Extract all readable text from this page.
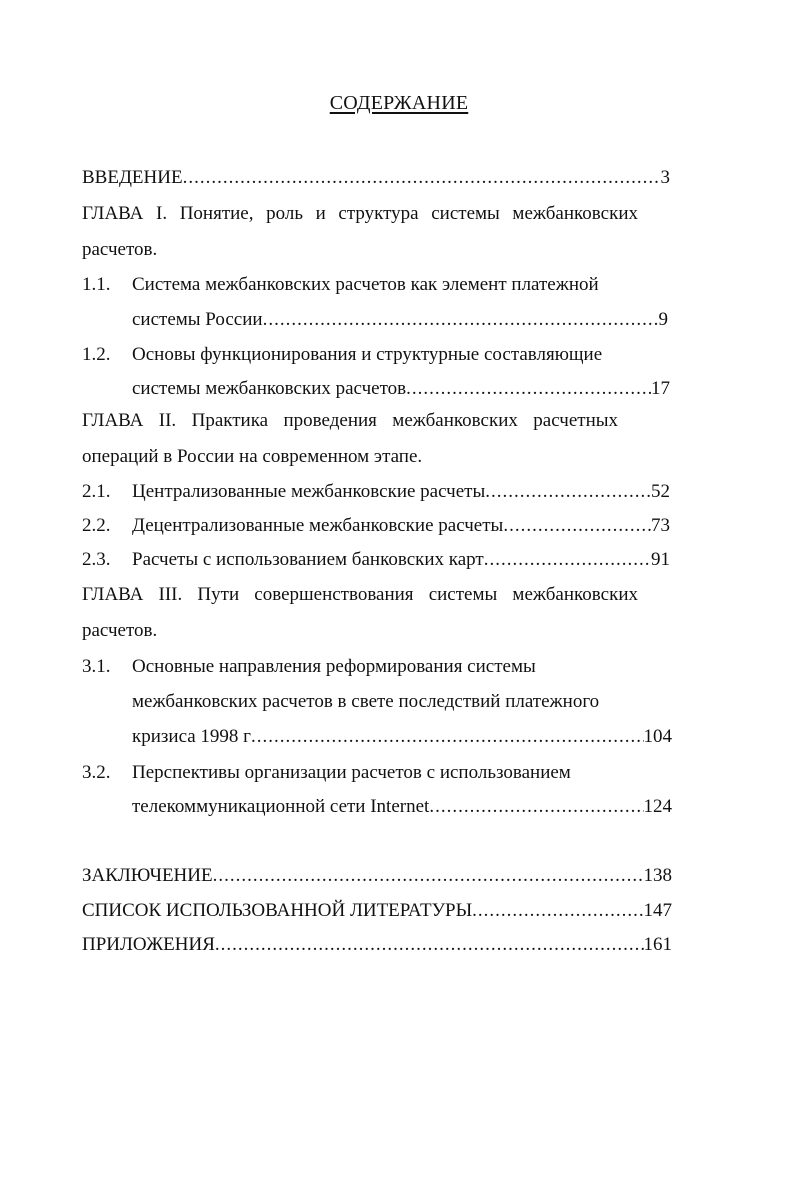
СОДЕРЖАНИЕ
ВВЕДЕНИЕ .....	3
ГЛАВА I. Понятие, роль и структура системы межбанковских
расчетов.
1.1. Система межбанковских расчетов как элемент платежной
системы России .....	9
1.2. Основы функционирования и структурные составляющие
системы межбанковских расчетов .....	17
ГЛАВА II. Практика проведения межбанковских расчетных
операций в России на современном этапе.
2.1. Централизованные межбанковские расчеты .....	52
2.2. Децентрализованные межбанковские расчеты .....	73
2.3. Расчеты с использованием банковских карт .....	91
ГЛАВА III. Пути совершенствования системы межбанковских
расчетов.
3.1. Основные направления реформирования системы
межбанковских расчетов в свете последствий платежного
кризиса 1998 г .....	104
3.2. Перспективы организации расчетов с использованием
телекоммуникационной сети Internet .....	124
ЗАКЛЮЧЕНИЕ .....	138
СПИСОК ИСПОЛЬЗОВАННОЙ ЛИТЕРАТУРЫ .....	147
ПРИЛОЖЕНИЯ .....	161
